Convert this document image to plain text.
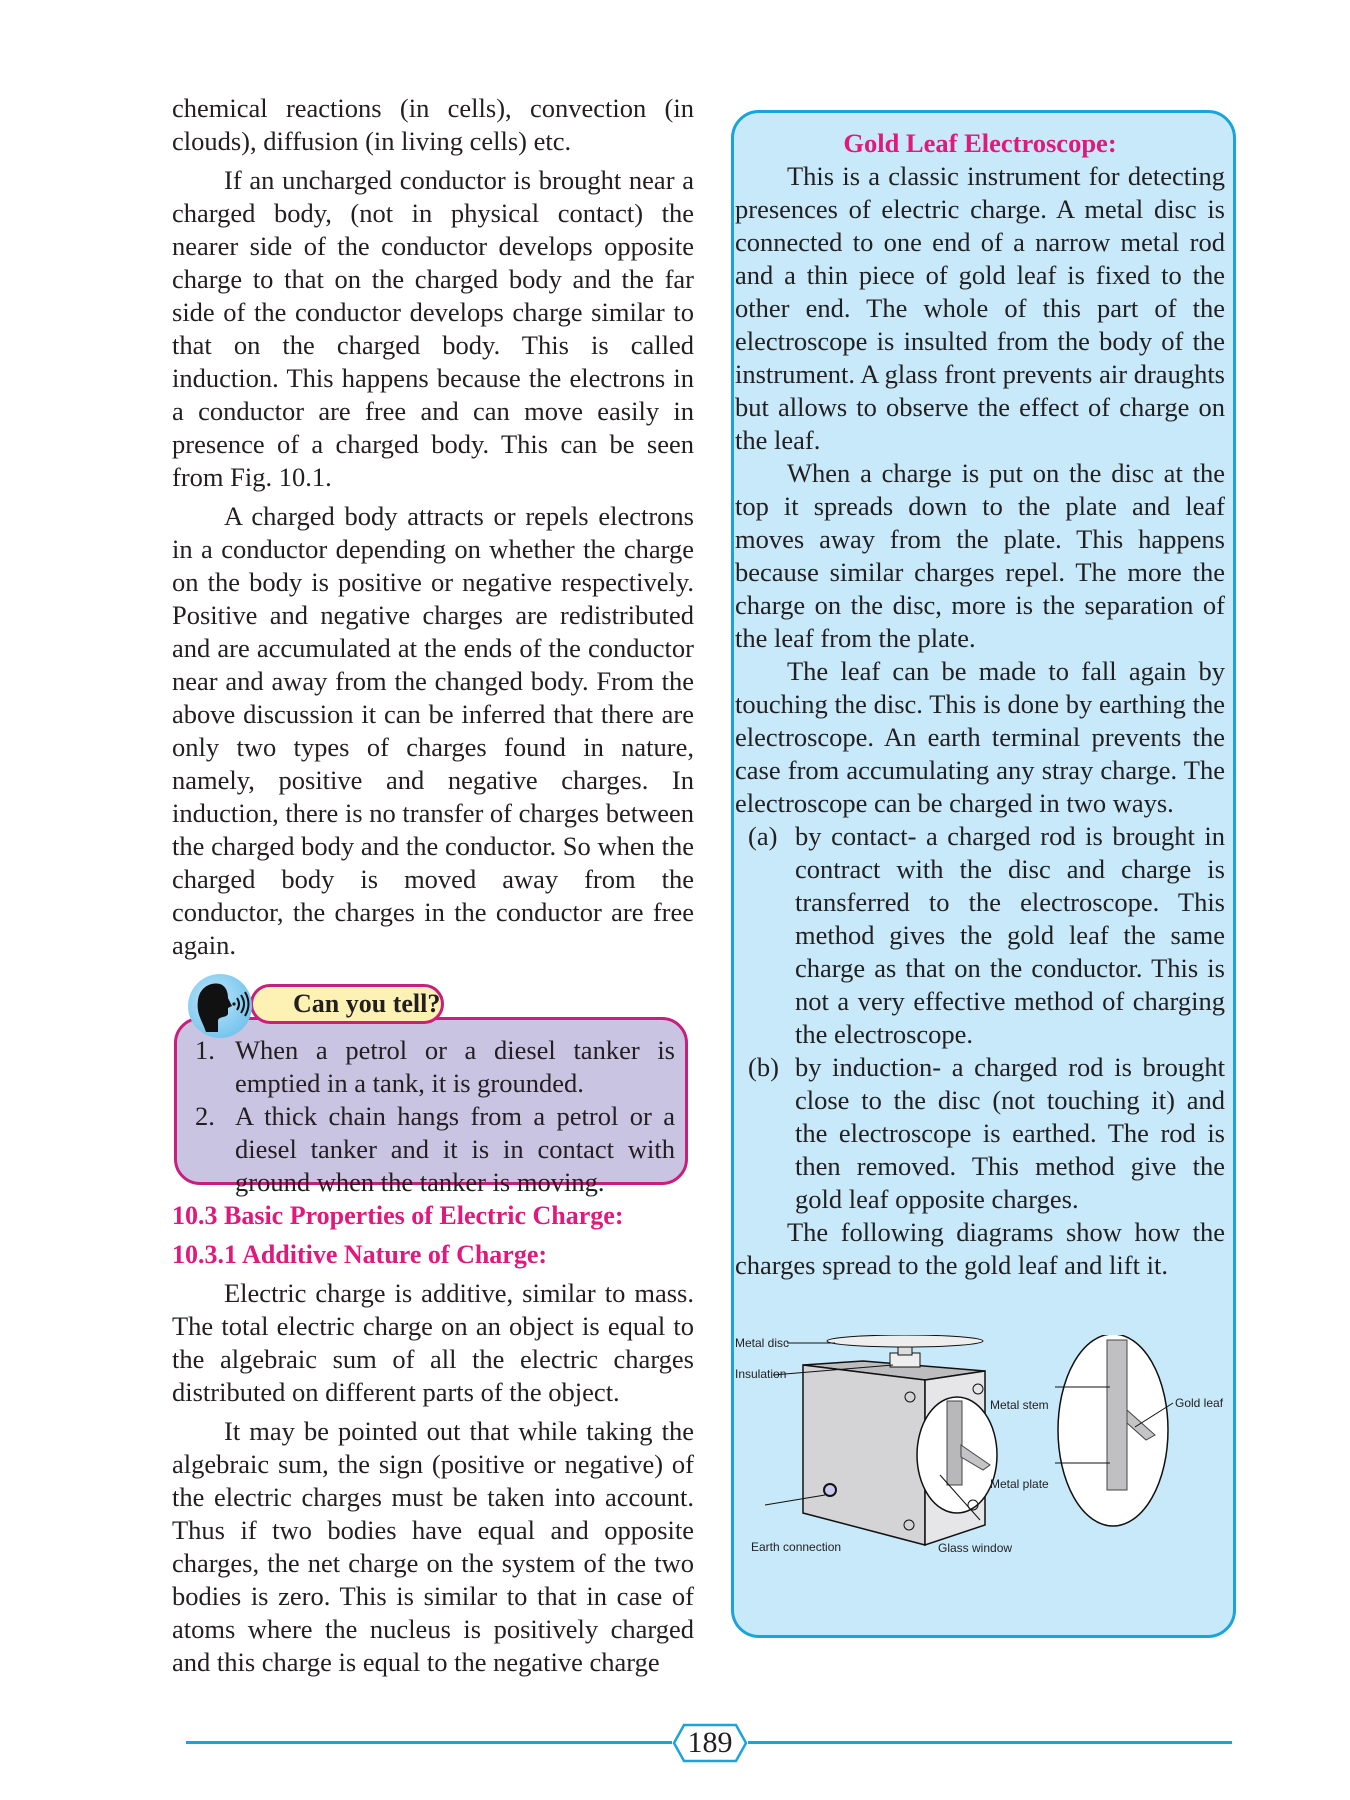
chemical reactions (in cells), convection (in clouds), diffusion (in living cells) etc.

If an uncharged conductor is brought near a charged body, (not in physical contact) the nearer side of the conductor develops opposite charge to that on the charged body and the far side of the conductor develops charge similar to that on the charged body. This is called induction. This happens because the electrons in a conductor are free and can move easily in presence of a charged body. This can be seen from Fig. 10.1.

A charged body attracts or repels electrons in a conductor depending on whether the charge on the body is positive or negative respectively. Positive and negative charges are redistributed and are accumulated at the ends of the conductor near and away from the changed body. From the above discussion it can be inferred that there are only two types of charges found in nature, namely, positive and negative charges. In induction, there is no transfer of charges between the charged body and the conductor. So when the charged body is moved away from the conductor, the charges in the conductor are free again.

1. When a petrol or a diesel tanker is emptied in a tank, it is grounded.
2. A thick chain hangs from a petrol or a diesel tanker and it is in contact with ground when the tanker is moving.
Can you tell?

10.3 Basic Properties of Electric Charge:

10.3.1 Additive Nature of Charge:

Electric charge is additive, similar to mass. The total electric charge on an object is equal to the algebraic sum of all the electric charges distributed on different parts of the object.

It may be pointed out that while taking the algebraic sum, the sign (positive or negative) of the electric charges must be taken into account. Thus if two bodies have equal and opposite charges, the net charge on the system of the two bodies is zero. This is similar to that in case of atoms where the nucleus is positively charged and this charge is equal to the negative charge

Gold Leaf Electroscope:

This is a classic instrument for detecting presences of electric charge. A metal disc is connected to one end of a narrow metal rod and a thin piece of gold leaf is fixed to the other end. The whole of this part of the electroscope is insulted from the body of the instrument. A glass front prevents air draughts but allows to observe the effect of charge on the leaf.

When a charge is put on the disc at the top it spreads down to the plate and leaf moves away from the plate. This happens because similar charges repel. The more the charge on the disc, more is the separation of the leaf from the plate.

The leaf can be made to fall again by touching the disc. This is done by earthing the electroscope. An earth terminal prevents the case from accumulating any stray charge. The electroscope can be charged in two ways.

(a) by contact- a charged rod is brought in contract with the disc and charge is transferred to the electroscope. This method gives the gold leaf the same charge as that on the conductor. This is not a very effective method of charging the electroscope.
(b) by induction- a charged rod is brought close to the disc (not touching it) and the electroscope is earthed. The rod is then removed. This method give the gold leaf opposite charges.

The following diagrams show how the charges spread to the gold leaf and lift it.

Metal disc
Insulation
Metal stem	Gold leaf
Metal plate
Earth connection	Glass window
189
